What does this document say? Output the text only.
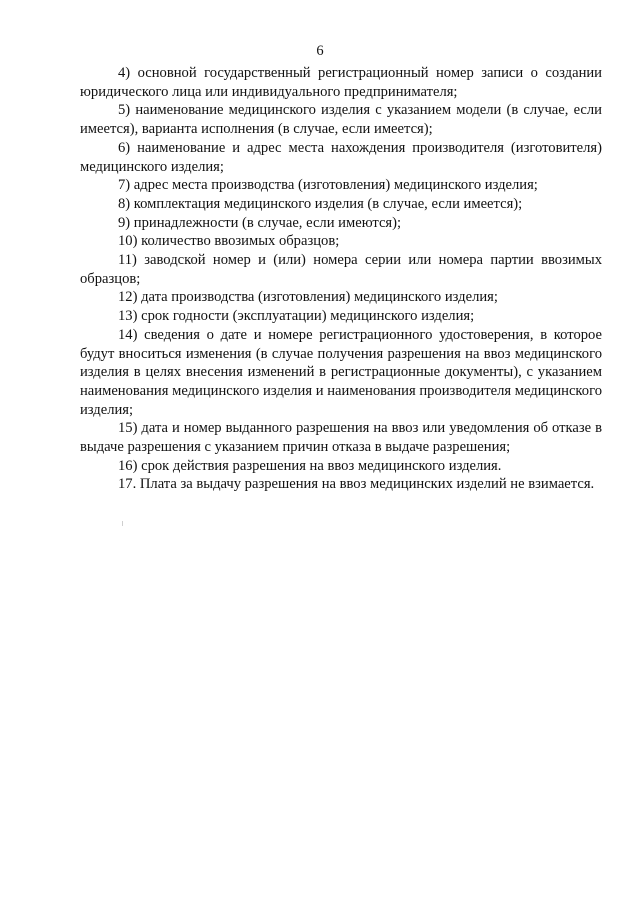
6

4) основной государственный регистрационный номер записи о создании юридического лица или индивидуального предпринимателя;

5) наименование медицинского изделия с указанием модели (в случае, если имеется), варианта исполнения (в случае, если имеется);

6) наименование и адрес места нахождения производителя (изготовителя) медицинского изделия;

7) адрес места производства (изготовления) медицинского изделия;

8) комплектация медицинского изделия (в случае, если имеется);

9) принадлежности (в случае, если имеются);

10) количество ввозимых образцов;

11) заводской номер и (или) номера серии или номера партии ввозимых образцов;

12) дата производства (изготовления) медицинского изделия;

13) срок годности (эксплуатации) медицинского изделия;

14) сведения о дате и номере регистрационного удостоверения, в которое будут вноситься изменения (в случае получения разрешения на ввоз медицинского изделия в целях внесения изменений в регистрационные документы), с указанием наименования медицинского изделия и наименования производителя медицинского изделия;

15) дата и номер выданного разрешения на ввоз или уведомления об отказе в выдаче разрешения с указанием причин отказа в выдаче разрешения;

16) срок действия разрешения на ввоз медицинского изделия.

17. Плата за выдачу разрешения на ввоз медицинских изделий не взимается.
